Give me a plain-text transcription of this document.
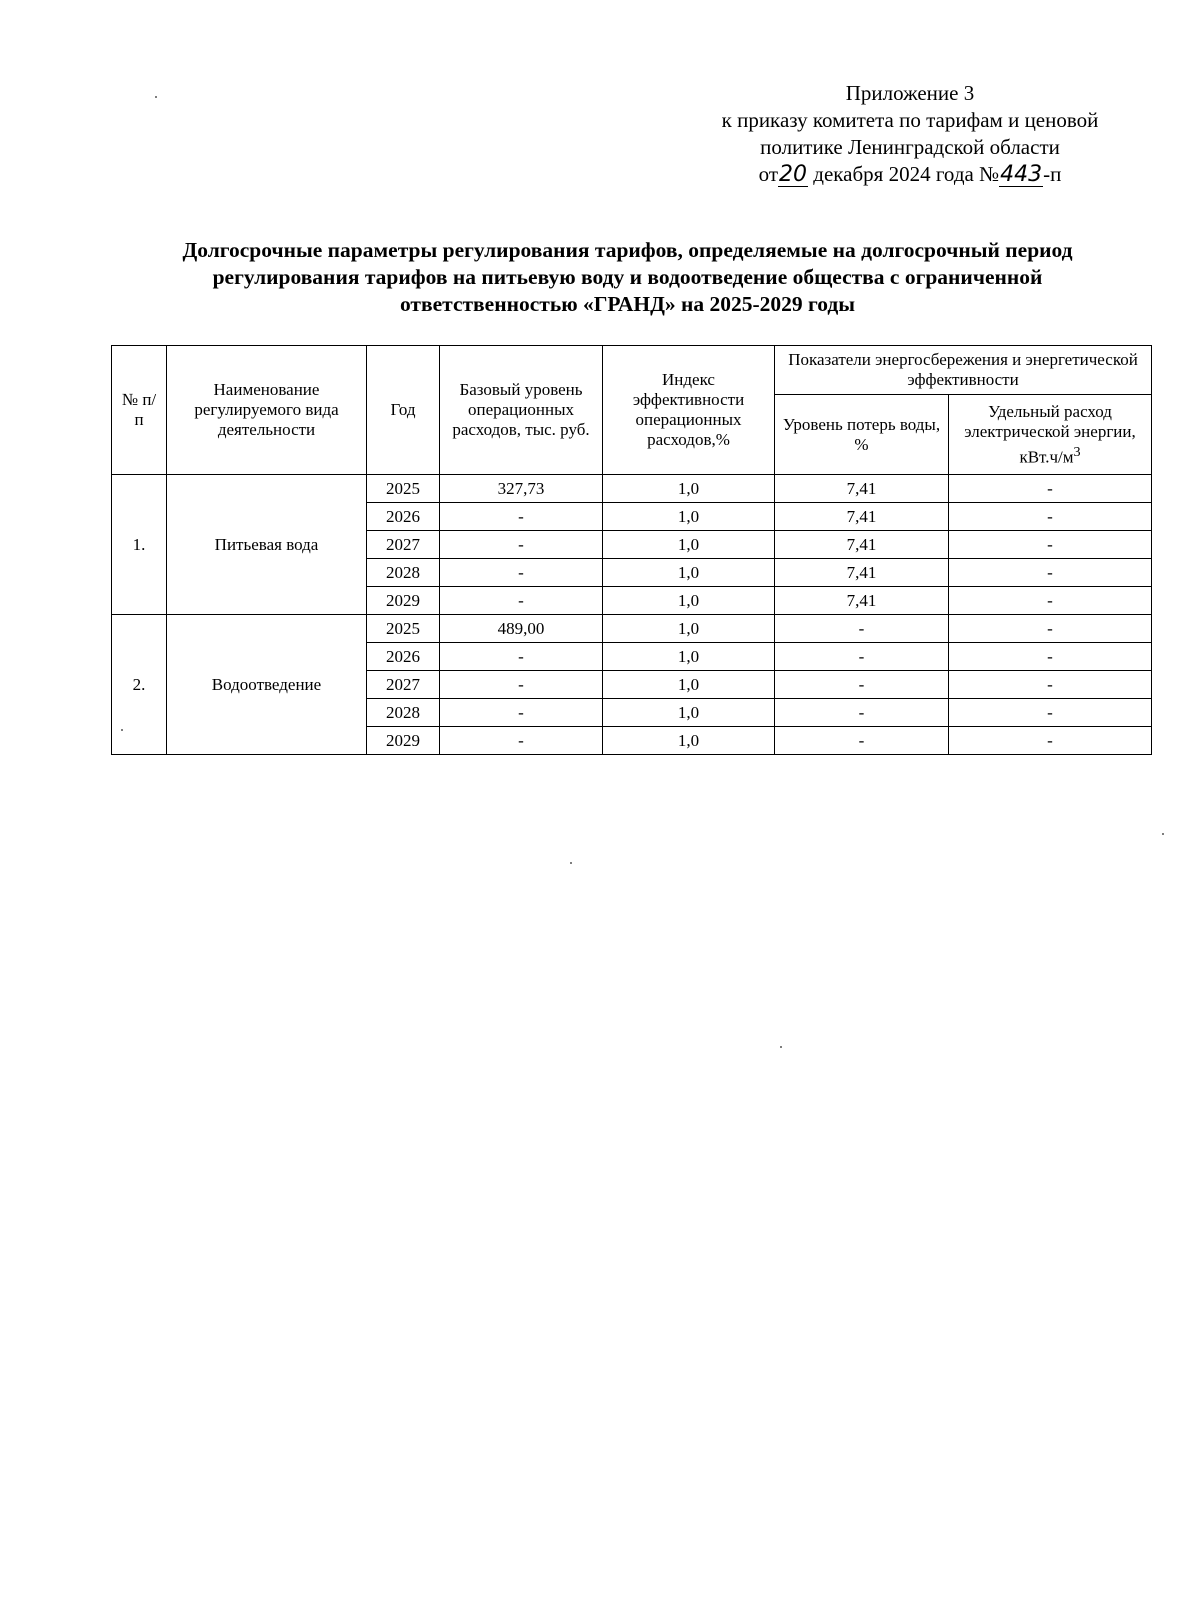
Приложение 3
к приказу комитета по тарифам и ценовой
политике Ленинградской области
от20 декабря 2024 года №443-п
Долгосрочные параметры регулирования тарифов, определяемые на долгосрочный период
регулирования тарифов на питьевую воду и водоотведение общества с ограниченной
ответственностью «ГРАНД» на 2025-2029 годы
№ п/п	Наименование регулируемого вида деятельности	Год	Базовый уровень операционных расходов, тыс. руб.	Индекс эффективности операционных расходов,%	Показатели энергосбережения и энергетической эффективности	
					Уровень потерь воды, %	Удельный расход электрической энергии, $кВт.ч/м^3$
1.	Питьевая вода	2025	327,73	1,0	7,41	-
		2026	-	1,0	7,41	-
		2027	-	1,0	7,41	-
		2028	-	1,0	7,41	-
		2029	-	1,0	7,41	-
2.	Водоотведение	2025	489,00	1,0	-	-
		2026	-	1,0	-	-
		2027	-	1,0	-	-
		2028	-	1,0	-	-
		2029	-	1,0	-	-
